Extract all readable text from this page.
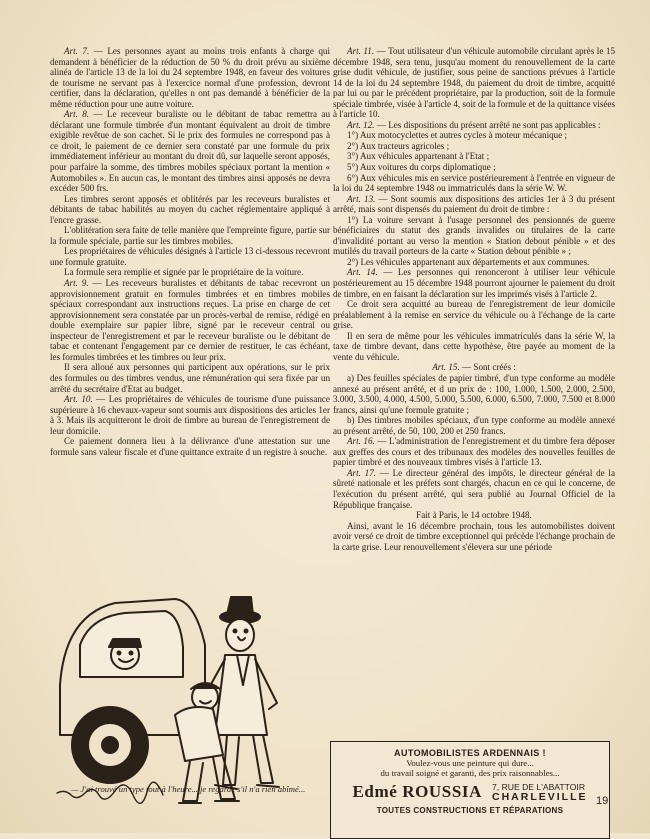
Art. 7. — Les personnes ayant au moins trois enfants à charge qui demandent à bénéficier de la réduction de 50 % du droit prévu au sixième alinéa de l'article 13 de la loi du 24 septembre 1948, en faveur des voitures de tourisme ne servant pas à l'exercice normal d'une profession, devront certifier, dans la déclaration, qu'elles n ont pas demandé à bénéficier de la même réduction pour une autre voiture.

Art. 8. — Le receveur buraliste ou le débitant de tabac remettra au déclarant une formule timbrée d'un montant équivalent au droit de timbre exigible revêtue de son cachet. Si le prix des formules ne correspond pas à ce droit, le paiement de ce dernier sera constaté par une formule du prix immédiatement inférieur au montant du droit dû, sur laquelle seront apposés, pour parfaire la somme, des timbres mobiles spéciaux portant la mention « Automobiles ». En aucun cas, le montant des timbres ainsi apposés ne devra excéder 500 frs.

Les timbres seront apposés et oblitérés par les receveurs buralistes et débitants de tabac habilités au moyen du cachet réglementaire appliqué à l'encre grasse.

L'oblitération sera faite de telle manière que l'empreinte figure, partie sur la formule spéciale, partie sur les timbres mobiles.

Les propriétaires de véhicules désignés à l'article 13 ci-dessous recevront une formule gratuite.

La formule sera remplie et signée par le propriétaire de la voiture.

Art. 9. — Les receveurs buralistes et débitants de tabac recevront un approvisionnement gratuit en formules timbrées et en timbres mobiles spéciaux correspondant aux instructions reçues. La prise en charge de cet approvisionnement sera constatée par un procès-verbal de remise, rédigé en double exemplaire sur papier libre, signé par le receveur central ou inspecteur de l'enregistrement et par le receveur buraliste ou le débitant de tabac et contenant l'engagement par ce dernier de restituer, le cas échéant, les formules timbrées et les timbres ou leur prix.

Il sera alloué aux personnes qui participent aux opérations, sur le prix des formules ou des timbres vendus, une rémunération qui sera fixée par un arrêté du secrétaire d'Etat au budget.

Art. 10. — Les propriétaires de véhicules de tourisme d'une puissance supérieure à 16 chevaux-vapeur sont soumis aux dispositions des articles 1er à 3. Mais ils acquitteront le droit de timbre au bureau de l'enregistrement de leur domicile.

Ce paiement donnera lieu à la délivrance d'une attestation sur une formule sans valeur fiscale et d'une quittance extraite d un registre à souche.

Art. 11. — Tout utilisateur d'un véhicule automobile circulant après le 15 décembre 1948, sera tenu, jusqu'au moment du renouvellement de la carte grise dudit véhicule, de justifier, sous peine de sanctions prévues à l'article 14 de la loi du 24 septembre 1948, du paiement du droit de timbre, acquitté par lui ou par le précédent propriétaire, par la production, soit de la formule spéciale timbrée, visée à l'article 4, soit de la formule et de la quittance visées à l'article 10.

Art. 12. — Les dispositions du présent arrêté ne sont pas applicables :

1°) Aux motocyclettes et autres cycles à moteur mécanique ;

2°) Aux tracteurs agricoles ;

3°) Aux véhicules appartenant à l'Etat ;

5°) Aux voitures du corps diplomatique ;

6°) Aux véhicules mis en service postérieurement à l'entrée en vigueur de la loi du 24 septembre 1948 ou immatriculés dans la série W. W.

Art. 13. — Sont soumis aux dispositions des articles 1er à 3 du présent arrêté, mais sont dispensés du paiement du droit de timbre :

1°) La voiture servant à l'usage personnel des pensionnés de guerre bénéficiaires du statut des grands invalides ou titulaires de la carte d'invalidité portant au verso la mention « Station debout pénible » et des mutilés du travail porteurs de la carte « Station debout pénible » ;

2°) Les véhicules appartenant aux départements et aux communes.

Art. 14. — Les personnes qui renonceront à utiliser leur véhicule postérieurement au 15 décembre 1948 pourront ajourner le paiement du droit de timbre, en en faisant la déclaration sur les imprimés visés à l'article 2.

Ce droit sera acquitté au bureau de l'enregistrement de leur domicile préalablement à la remise en service du véhicule ou à l'échange de la carte grise.

Il en sera de même pour les véhicules immatriculés dans la série W, la taxe de timbre devant, dans cette hypothèse, être payée au moment de la vente du véhicule.

Art. 15. — Sont créés :

a) Des feuilles spéciales de papier timbré, d'un type conforme au modèle annexé au présent arrêté, et d un prix de : 100, 1.000, 1.500, 2.000, 2.500, 3.000, 3.500, 4.000, 4.500, 5.000, 5.500, 6.000, 6.500, 7.000, 7.500 et 8.000 francs, ainsi qu'une formule gratuite ;

b) Des timbres mobiles spéciaux, d'un type conforme au modèle annexé au présent arrêté, de 50, 100, 200 et 250 francs.

Art. 16. — L'administration de l'enregistrement et du timbre fera déposer aux greffes des cours et des tribunaux des modèles des nouvelles feuilles de papier timbré et des nouveaux timbres visés à l'article 13.

Art. 17. — Le directeur général des impôts, le directeur général de la sûreté nationale et les préfets sont chargés, chacun en ce qui le concerne, de l'exécution du présent arrêté, qui sera publié au Journal Officiel de la République française.

Fait à Paris, le 14 octobre 1948.

Ainsi, avant le 16 décembre prochain, tous les automobilistes doivent avoir versé ce droit de timbre exceptionnel qui précède l'échange prochain de la carte grise. Leur renouvellement s'élevera sur une période

— J'ai trouvé un type tout à l'heure... je regarde s'il n'a rien abîmé...
AUTOMOBILISTES ARDENNAIS !
Voulez-vous une peinture qui dure...
du travail soigné et garanti, des prix raisonnables...
Edmé ROUSSIA 7, RUE DE L'ABATTOIR
CHARLEVILLE
TOUTES CONSTRUCTIONS ET RÉPARATIONS
19
